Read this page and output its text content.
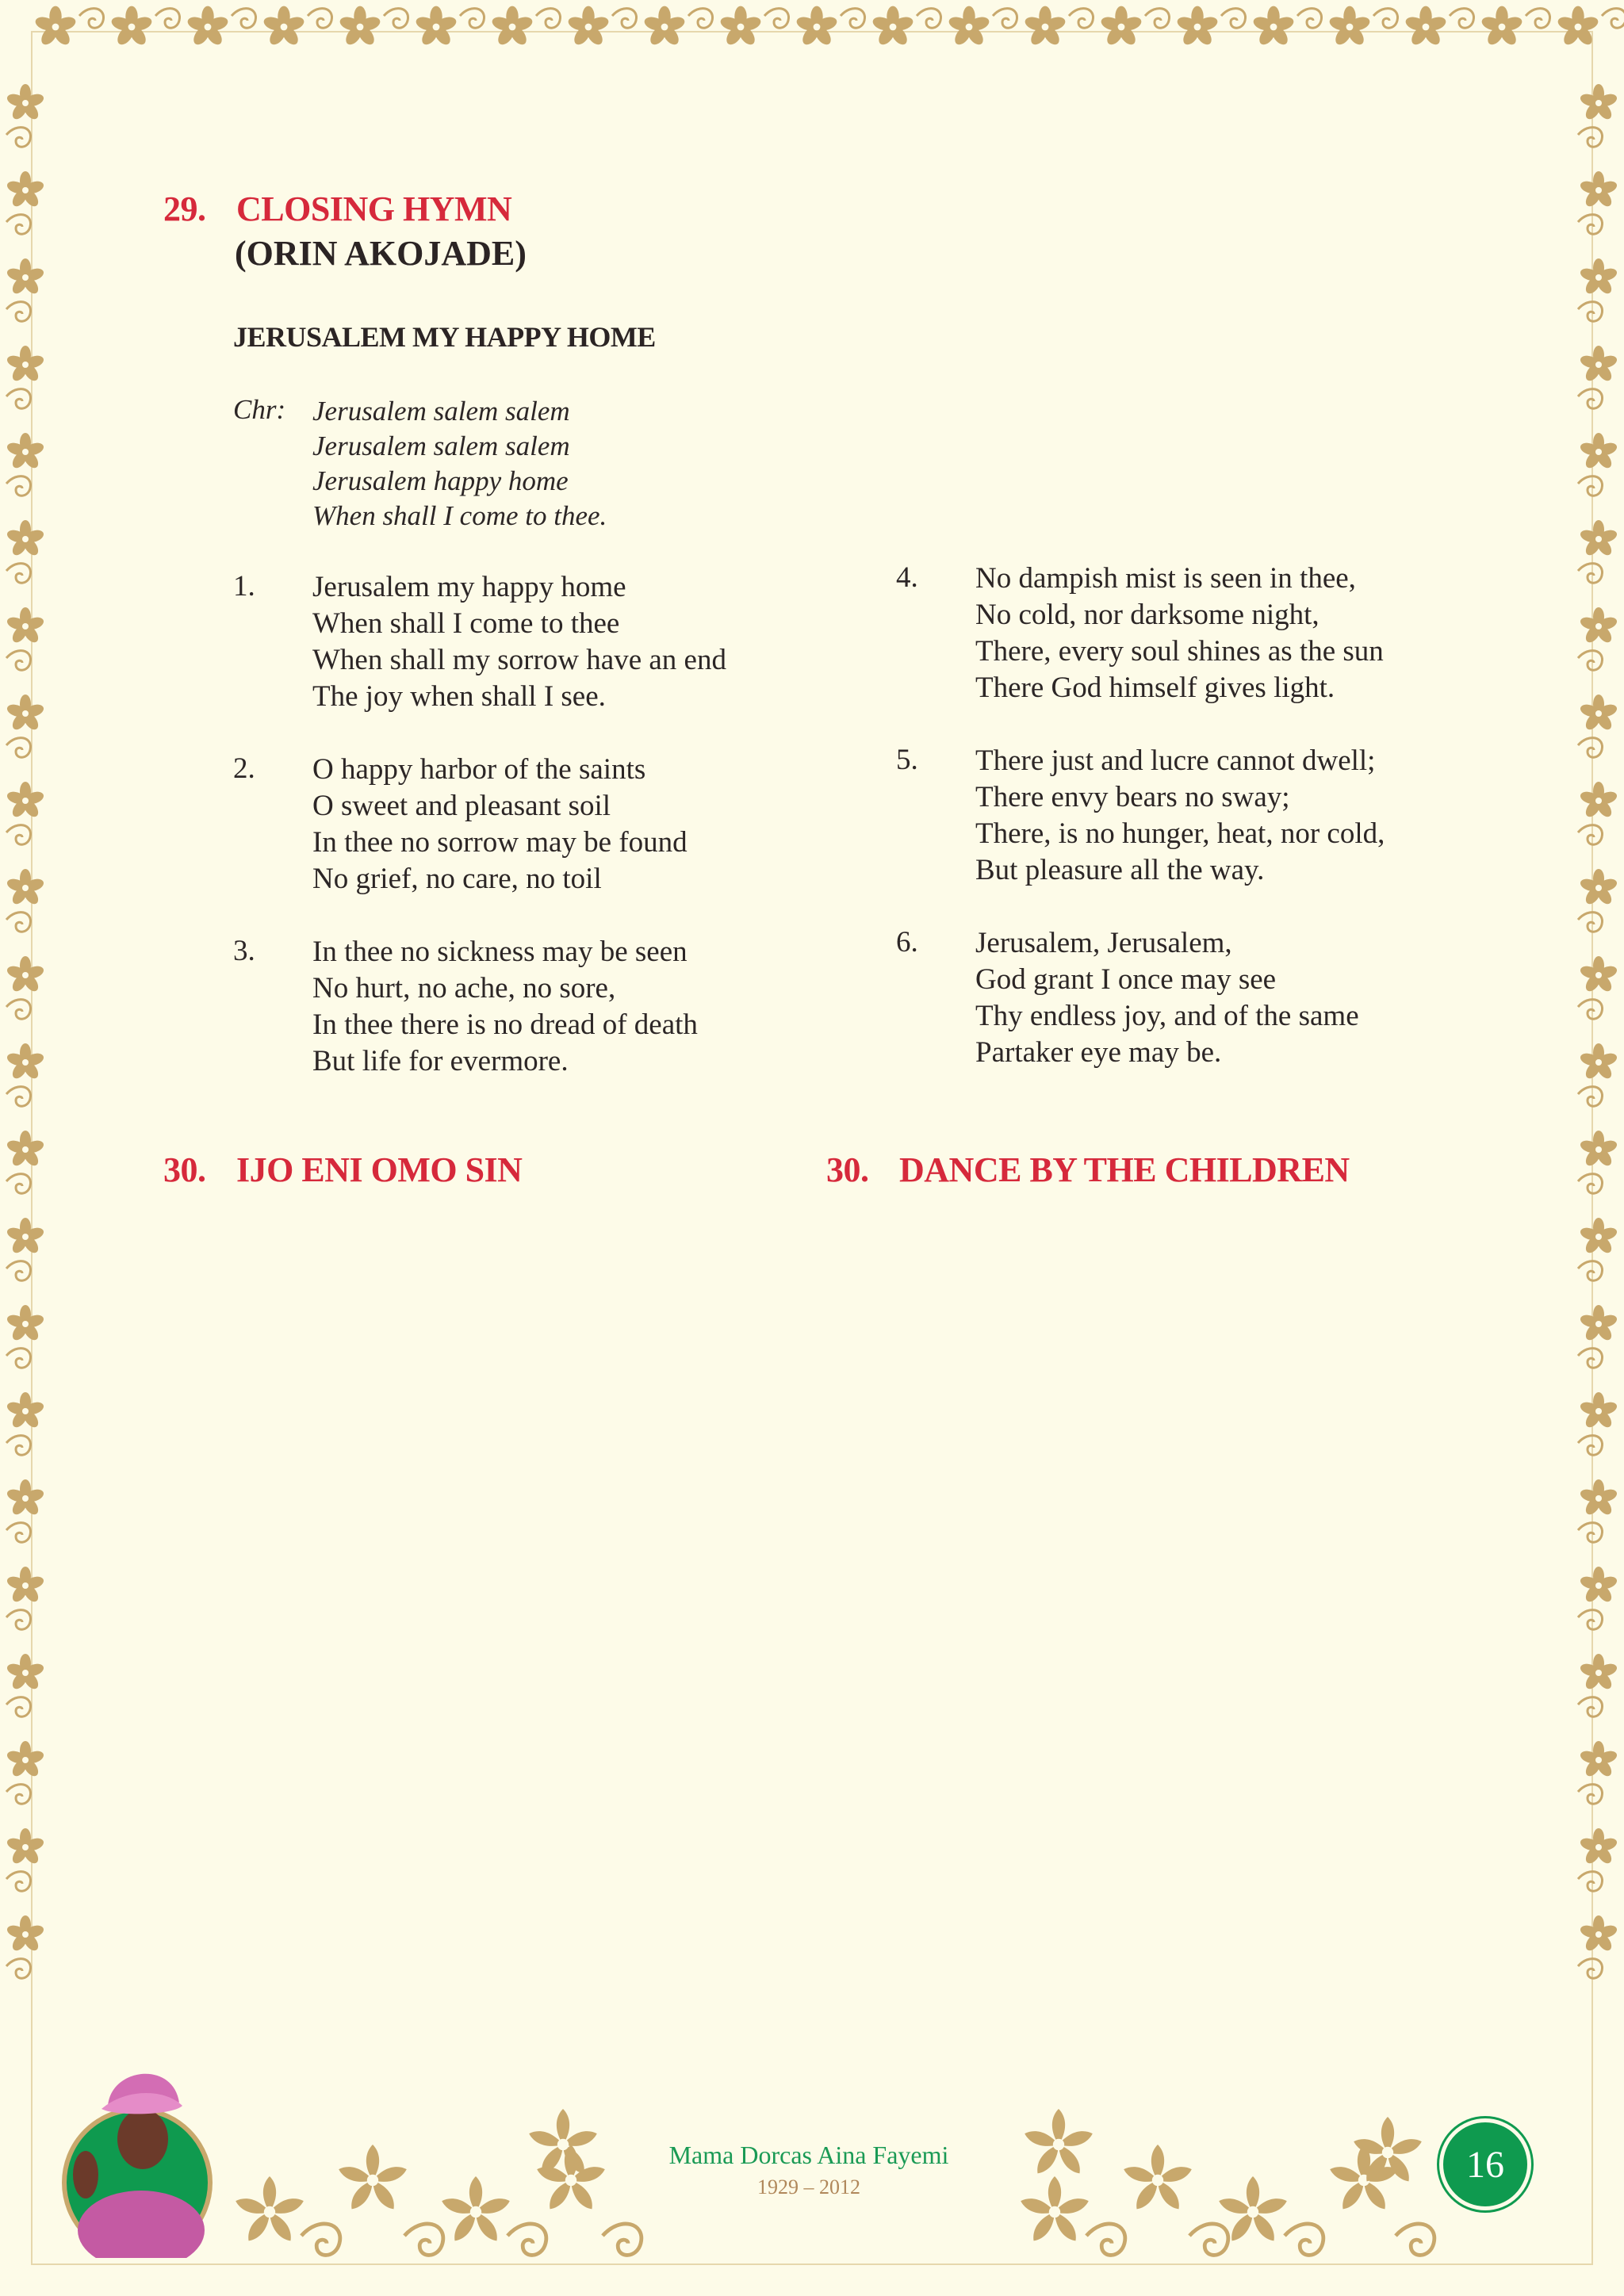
29. CLOSING HYMN
(ORIN AKOJADE)
JERUSALEM MY HAPPY HOME
Chr: Jerusalem salem salem
Jerusalem salem salem
Jerusalem happy home
When shall I come to thee.
1. Jerusalem my happy home
When shall I come to thee
When shall my sorrow have an end
The joy when shall I see.
2. O happy harbor of the saints
O sweet and pleasant soil
In thee no sorrow may be found
No grief, no care, no toil
3. In thee no sickness may be seen
No hurt, no ache, no sore,
In thee there is no dread of death
But life for evermore.
4. No dampish mist is seen in thee,
No cold, nor darksome night,
There, every soul shines as the sun
There God himself gives light.
5. There just and lucre cannot dwell;
There envy bears no sway;
There, is no hunger, heat, nor cold,
But pleasure all the way.
6. Jerusalem, Jerusalem,
God grant I once may see
Thy endless joy, and of the same
Partaker eye may be.
30. IJO ENI OMO SIN	30. DANCE BY THE CHILDREN
Mama Dorcas Aina Fayemi
1929 – 2012
16
